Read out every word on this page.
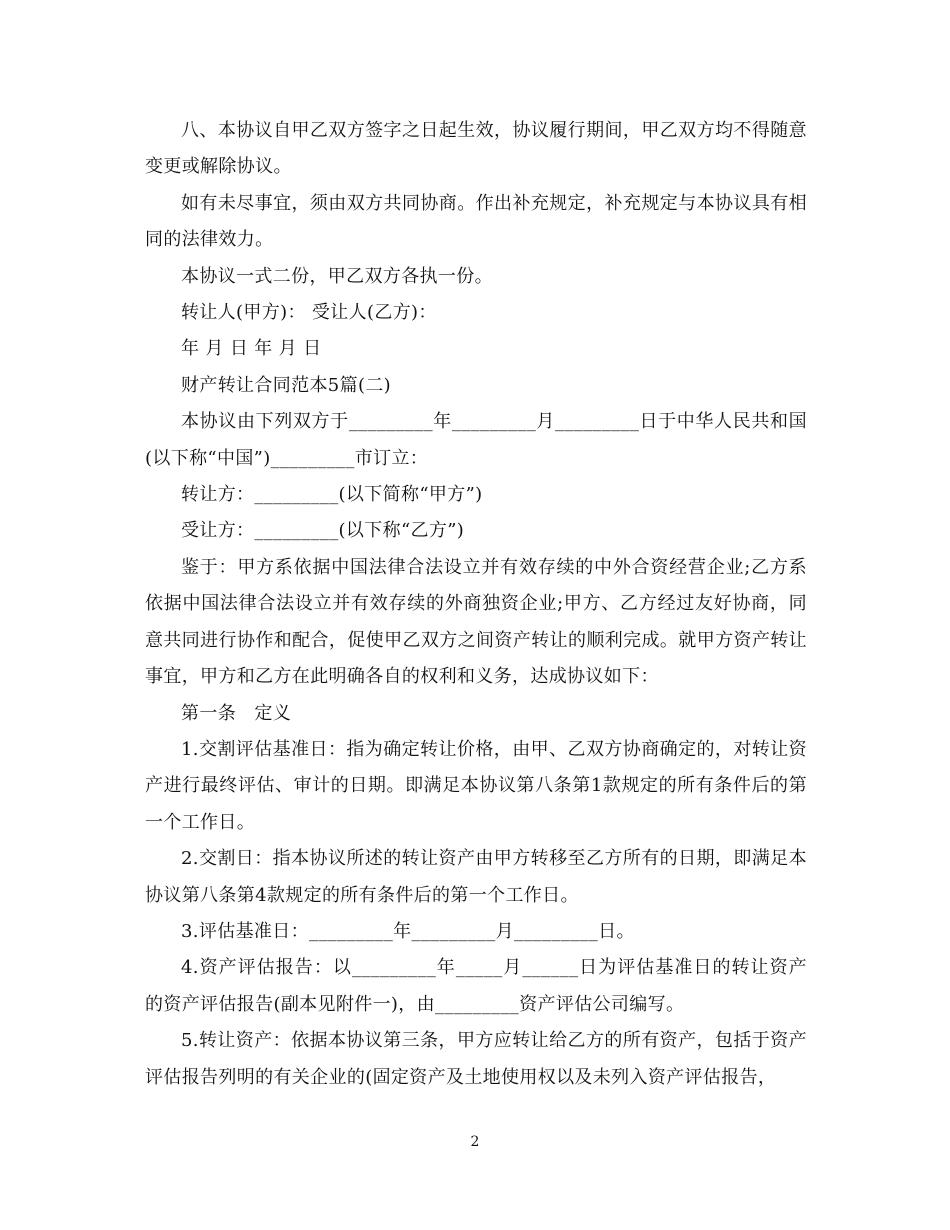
八、本协议自甲乙双方签字之日起生效，协议履行期间，甲乙双方均不得随意变更或解除协议。

如有未尽事宜，须由双方共同协商。作出补充规定，补充规定与本协议具有相同的法律效力。

本协议一式二份，甲乙双方各执一份。

转让人(甲方)： 受让人(乙方)：

年 月 日 年 月 日

财产转让合同范本5篇(二)

本协议由下列双方于_________年_________月_________日于中华人民共和国(以下称“中国”)_________市订立：

转让方：_________(以下简称“甲方”)

受让方：_________(以下称“乙方”)

鉴于：甲方系依据中国法律合法设立并有效存续的中外合资经营企业;乙方系依据中国法律合法设立并有效存续的外商独资企业;甲方、乙方经过友好协商，同意共同进行协作和配合，促使甲乙双方之间资产转让的顺利完成。就甲方资产转让事宜，甲方和乙方在此明确各自的权利和义务，达成协议如下：

第一条　定义

1.交割评估基准日：指为确定转让价格，由甲、乙双方协商确定的，对转让资产进行最终评估、审计的日期。即满足本协议第八条第1款规定的所有条件后的第一个工作日。

2.交割日：指本协议所述的转让资产由甲方转移至乙方所有的日期，即满足本协议第八条第4款规定的所有条件后的第一个工作日。

3.评估基准日：_________年_________月_________日。

4.资产评估报告：以_________年_____月______日为评估基准日的转让资产的资产评估报告(副本见附件一)，由_________资产评估公司编写。

5.转让资产：依据本协议第三条，甲方应转让给乙方的所有资产，包括于资产评估报告列明的有关企业的(固定资产及土地使用权以及未列入资产评估报告，

2
